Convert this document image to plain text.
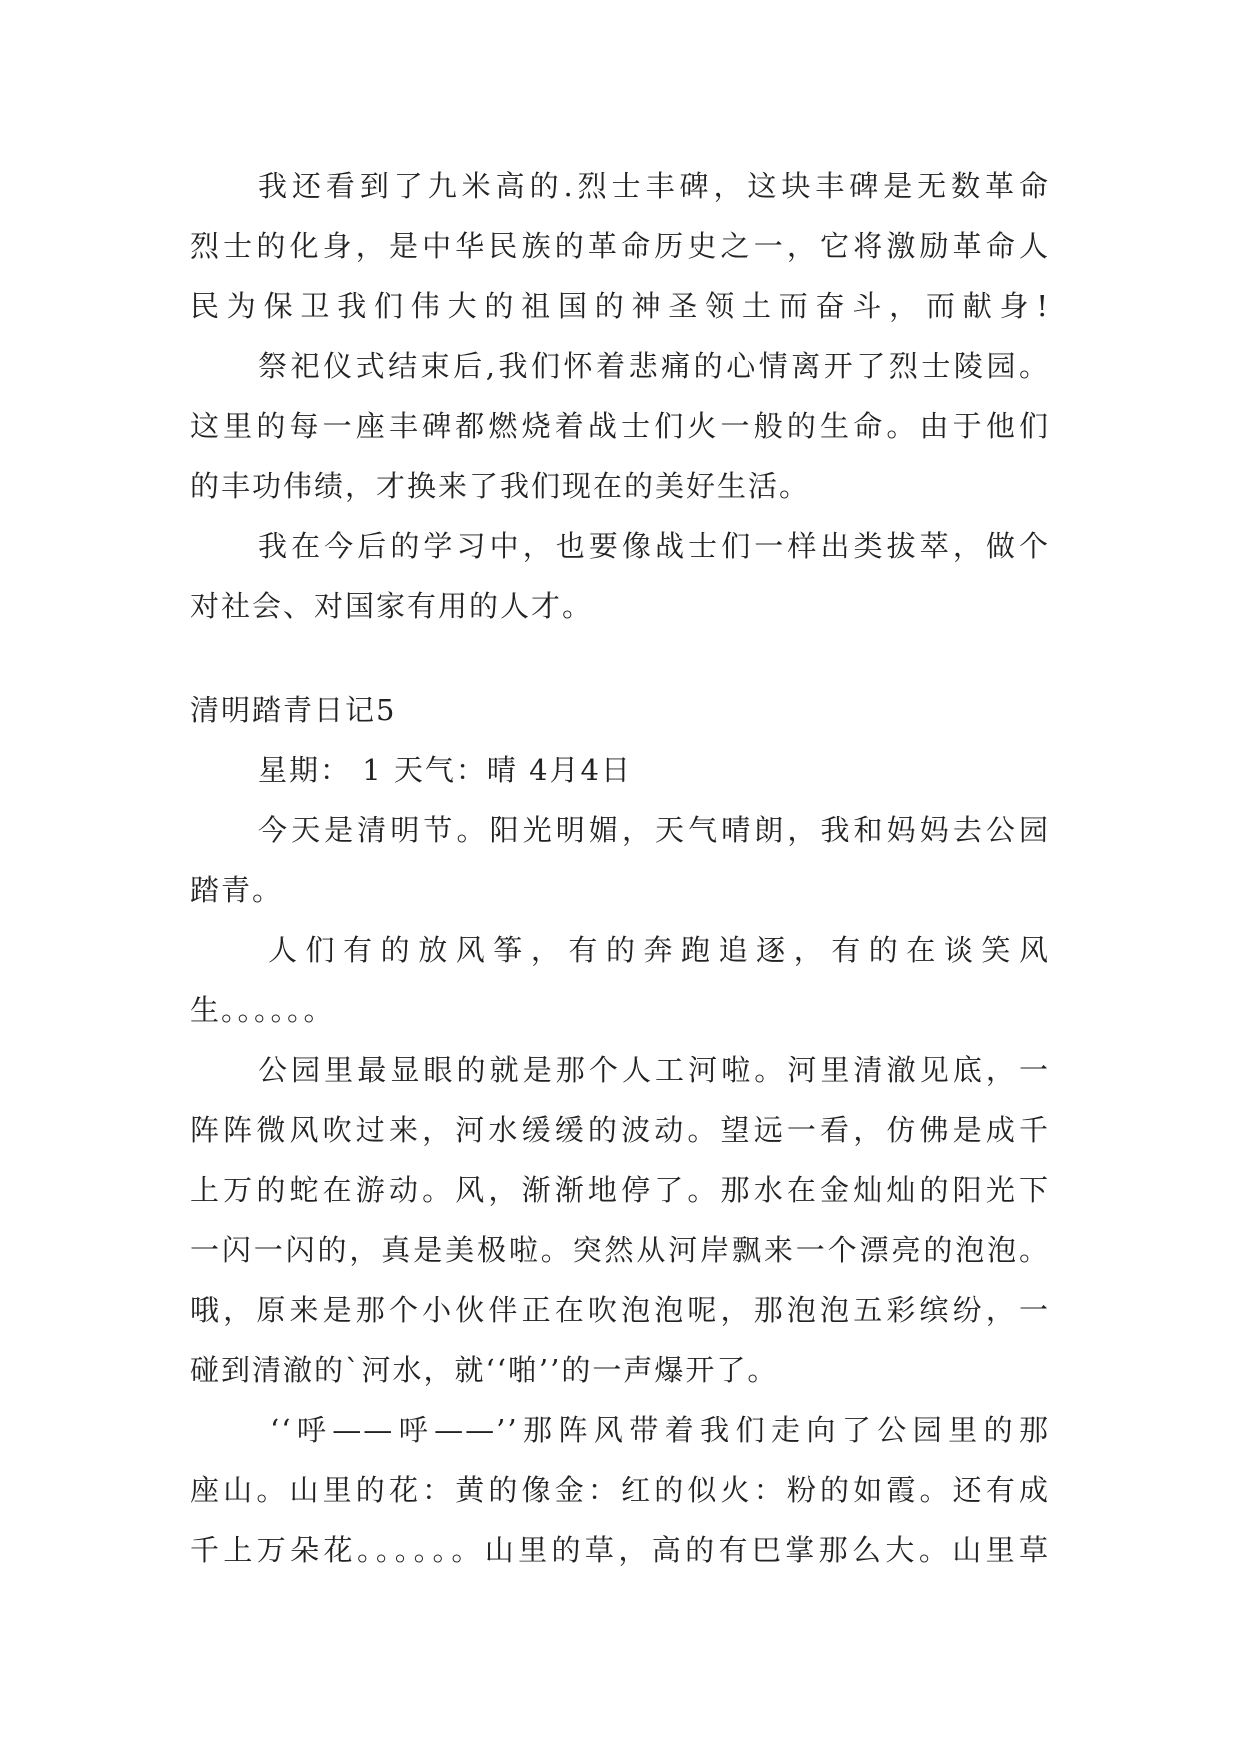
我还看到了九米高的.烈士丰碑，这块丰碑是无数革命
烈士的化身，是中华民族的革命历史之一，它将激励革命人
民为保卫我们伟大的祖国的神圣领土而奋斗，而献身!
祭祀仪式结束后,我们怀着悲痛的心情离开了烈士陵园。
这里的每一座丰碑都燃烧着战士们火一般的生命。由于他们
的丰功伟绩，才换来了我们现在的美好生活。
我在今后的学习中，也要像战士们一样出类拔萃，做个
对社会、对国家有用的人才。
清明踏青日记5
星期： 1 天气：晴 4月4日
今天是清明节。阳光明媚，天气晴朗，我和妈妈去公园
踏青。
人们有的放风筝，有的奔跑追逐，有的在谈笑风
生。。。。。。
公园里最显眼的就是那个人工河啦。河里清澈见底，一
阵阵微风吹过来，河水缓缓的波动。望远一看，仿佛是成千
上万的蛇在游动。风，渐渐地停了。那水在金灿灿的阳光下
一闪一闪的，真是美极啦。突然从河岸飘来一个漂亮的泡泡。
哦，原来是那个小伙伴正在吹泡泡呢，那泡泡五彩缤纷，一
碰到清澈的`河水，就‘‘啪’’的一声爆开了。
‘‘呼——呼——’’那阵风带着我们走向了公园里的那
座山。山里的花：黄的像金：红的似火：粉的如霞。还有成
千上万朵花。。。。。。山里的草，高的有巴掌那么大。山里草
